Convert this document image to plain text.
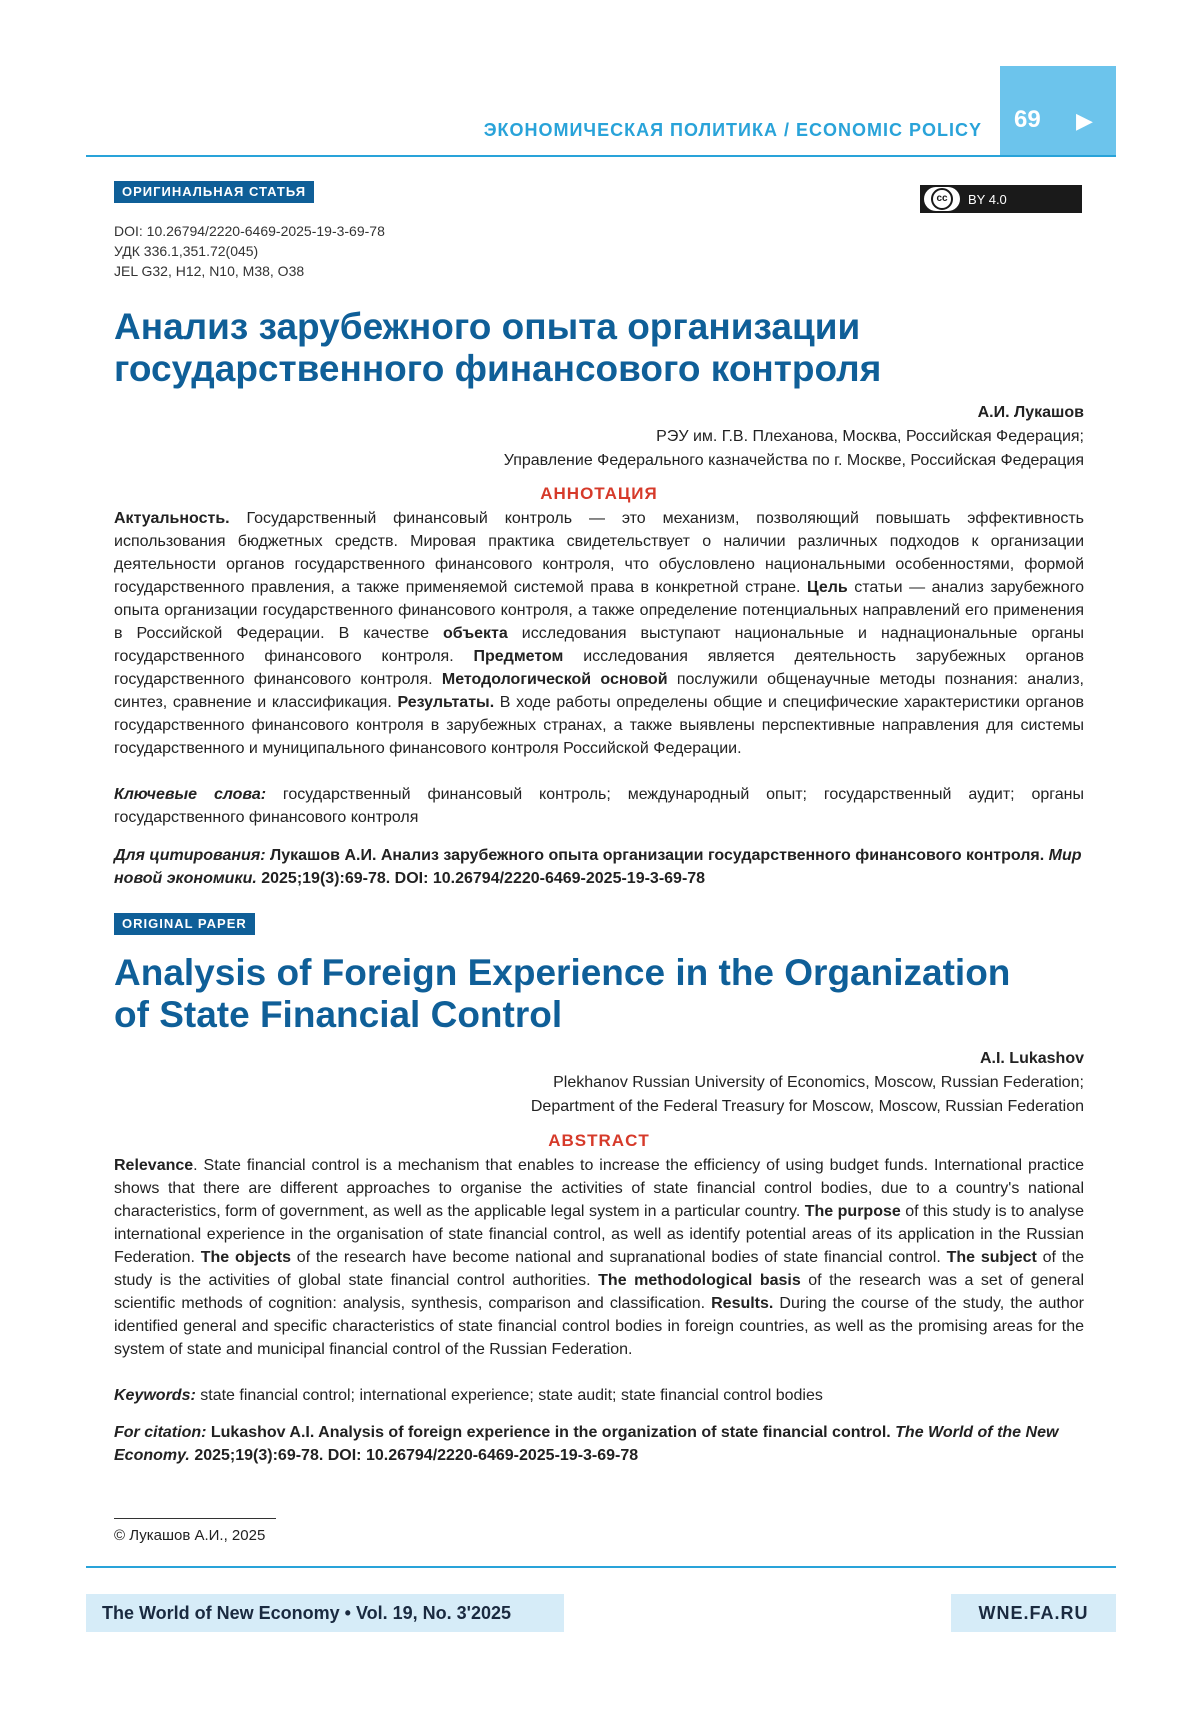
ЭКОНОМИЧЕСКАЯ ПОЛИТИКА / ECONOMIC POLICY 69 ▶
ОРИГИНАЛЬНАЯ СТАТЬЯ	cc	BY 4.0
DOI: 10.26794/2220-6469-2025-19-3-69-78
УДК 336.1,351.72(045)
JEL G32, H12, N10, M38, O38
Анализ зарубежного опыта организации
государственного финансового контроля
А.И. Лукашов
РЭУ им. Г.В. Плеханова, Москва, Российская Федерация;
Управление Федерального казначейства по г. Москве, Российская Федерация
АННОТАЦИЯ
Актуальность. Государственный финансовый контроль — это механизм, позволяющий повышать эффективность использования бюджетных средств. Мировая практика свидетельствует о наличии различных подходов к организации деятельности органов государственного финансового контроля, что обусловлено национальными особенностями, формой государственного правления, а также применяемой системой права в конкретной стране. Цель статьи — анализ зарубежного опыта организации государственного финансового контроля, а также определение потенциальных направлений его применения в Российской Федерации. В качестве объекта исследования выступают национальные и наднациональные органы государственного финансового контроля. Предметом исследования является деятельность зарубежных органов государственного финансового контроля. Методологической основой послужили общенаучные методы познания: анализ, синтез, сравнение и классификация. Результаты. В ходе работы определены общие и специфические характеристики органов государственного финансового контроля в зарубежных странах, а также выявлены перспективные направления для системы государственного и муниципального финансового контроля Российской Федерации.
Ключевые слова: государственный финансовый контроль; международный опыт; государственный аудит; органы государственного финансового контроля
Для цитирования: Лукашов А.И. Анализ зарубежного опыта организации государственного финансового контроля. Мир новой экономики. 2025;19(3):69-78. DOI: 10.26794/2220-6469-2025-19-3-69-78
ORIGINAL PAPER
Analysis of Foreign Experience in the Organization
of State Financial Control
A.I. Lukashov
Plekhanov Russian University of Economics, Moscow, Russian Federation;
Department of the Federal Treasury for Moscow, Moscow, Russian Federation
ABSTRACT
Relevance. State financial control is a mechanism that enables to increase the efficiency of using budget funds. International practice shows that there are different approaches to organise the activities of state financial control bodies, due to a country's national characteristics, form of government, as well as the applicable legal system in a particular country. The purpose of this study is to analyse international experience in the organisation of state financial control, as well as identify potential areas of its application in the Russian Federation. The objects of the research have become national and supranational bodies of state financial control. The subject of the study is the activities of global state financial control authorities. The methodological basis of the research was a set of general scientific methods of cognition: analysis, synthesis, comparison and classification. Results. During the course of the study, the author identified general and specific characteristics of state financial control bodies in foreign countries, as well as the promising areas for the system of state and municipal financial control of the Russian Federation.
Keywords: state financial control; international experience; state audit; state financial control bodies
For citation: Lukashov A.I. Analysis of foreign experience in the organization of state financial control. The World of the New Economy. 2025;19(3):69-78. DOI: 10.26794/2220-6469-2025-19-3-69-78
© Лукашов А.И., 2025
The World of New Economy • Vol. 19, No. 3'2025	WNE.FA.RU
